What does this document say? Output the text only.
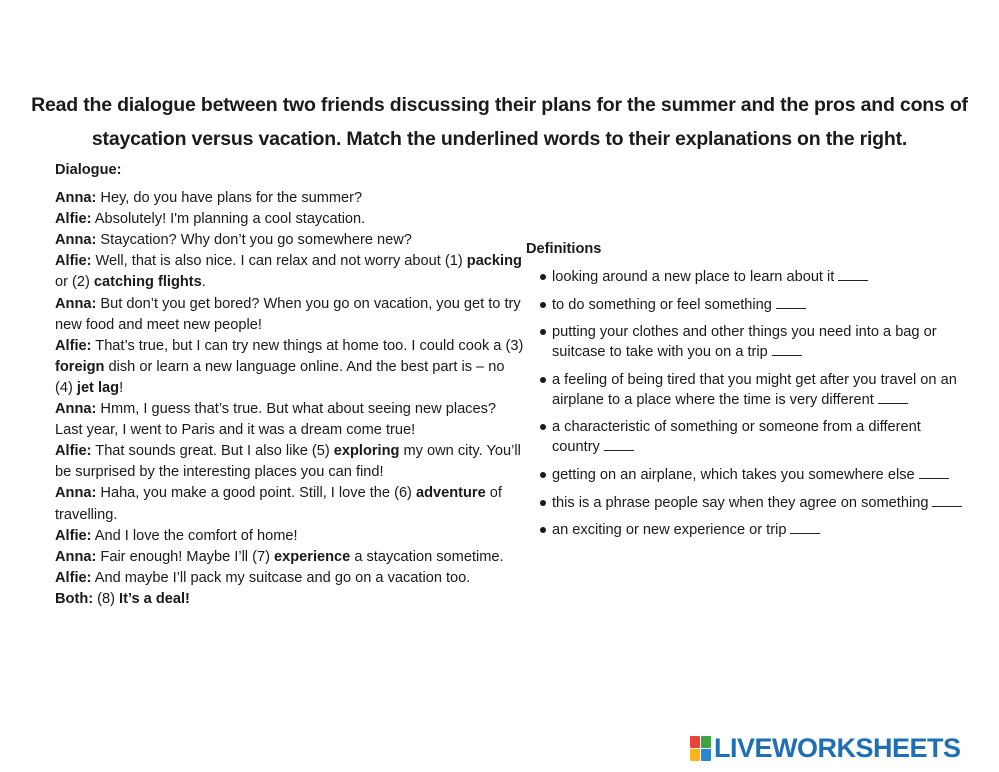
Read the dialogue between two friends discussing their plans for the summer and the pros and cons of
staycation versus vacation. Match the underlined words to their explanations on the right.

Dialogue:

Anna: Hey, do you have plans for the summer?

Alfie: Absolutely! I'm planning a cool staycation.

Anna: Staycation? Why don’t you go somewhere new?

Alfie: Well, that is also nice. I can relax and not worry about (1) packing or (2) catching flights.

Anna: But don’t you get bored? When you go on vacation, you get to try new food and meet new people!

Alfie: That’s true, but I can try new things at home too. I could cook a (3) foreign dish or learn a new language online. And the best part is – no (4) jet lag!

Anna: Hmm, I guess that’s true. But what about seeing new places? Last year, I went to Paris and it was a dream come true!

Alfie: That sounds great. But I also like (5) exploring my own city. You’ll be surprised by the interesting places you can find!

Anna: Haha, you make a good point. Still, I love the (6) adventure of travelling.

Alfie: And I love the comfort of home!

Anna: Fair enough! Maybe I’ll (7) experience a staycation sometime.

Alfie: And maybe I’ll pack my suitcase and go on a vacation too.

Both: (8) It’s a deal!

Definitions
looking around a new place to learn about it
to do something or feel something
putting your clothes and other things you need into a bag or suitcase to take with you on a trip
a feeling of being tired that you might get after you travel on an airplane to a place where the time is very different
a characteristic of something or someone from a different country
getting on an airplane, which takes you somewhere else
this is a phrase people say when they agree on something
an exciting or new experience or trip
LIVEWORKSHEETS
